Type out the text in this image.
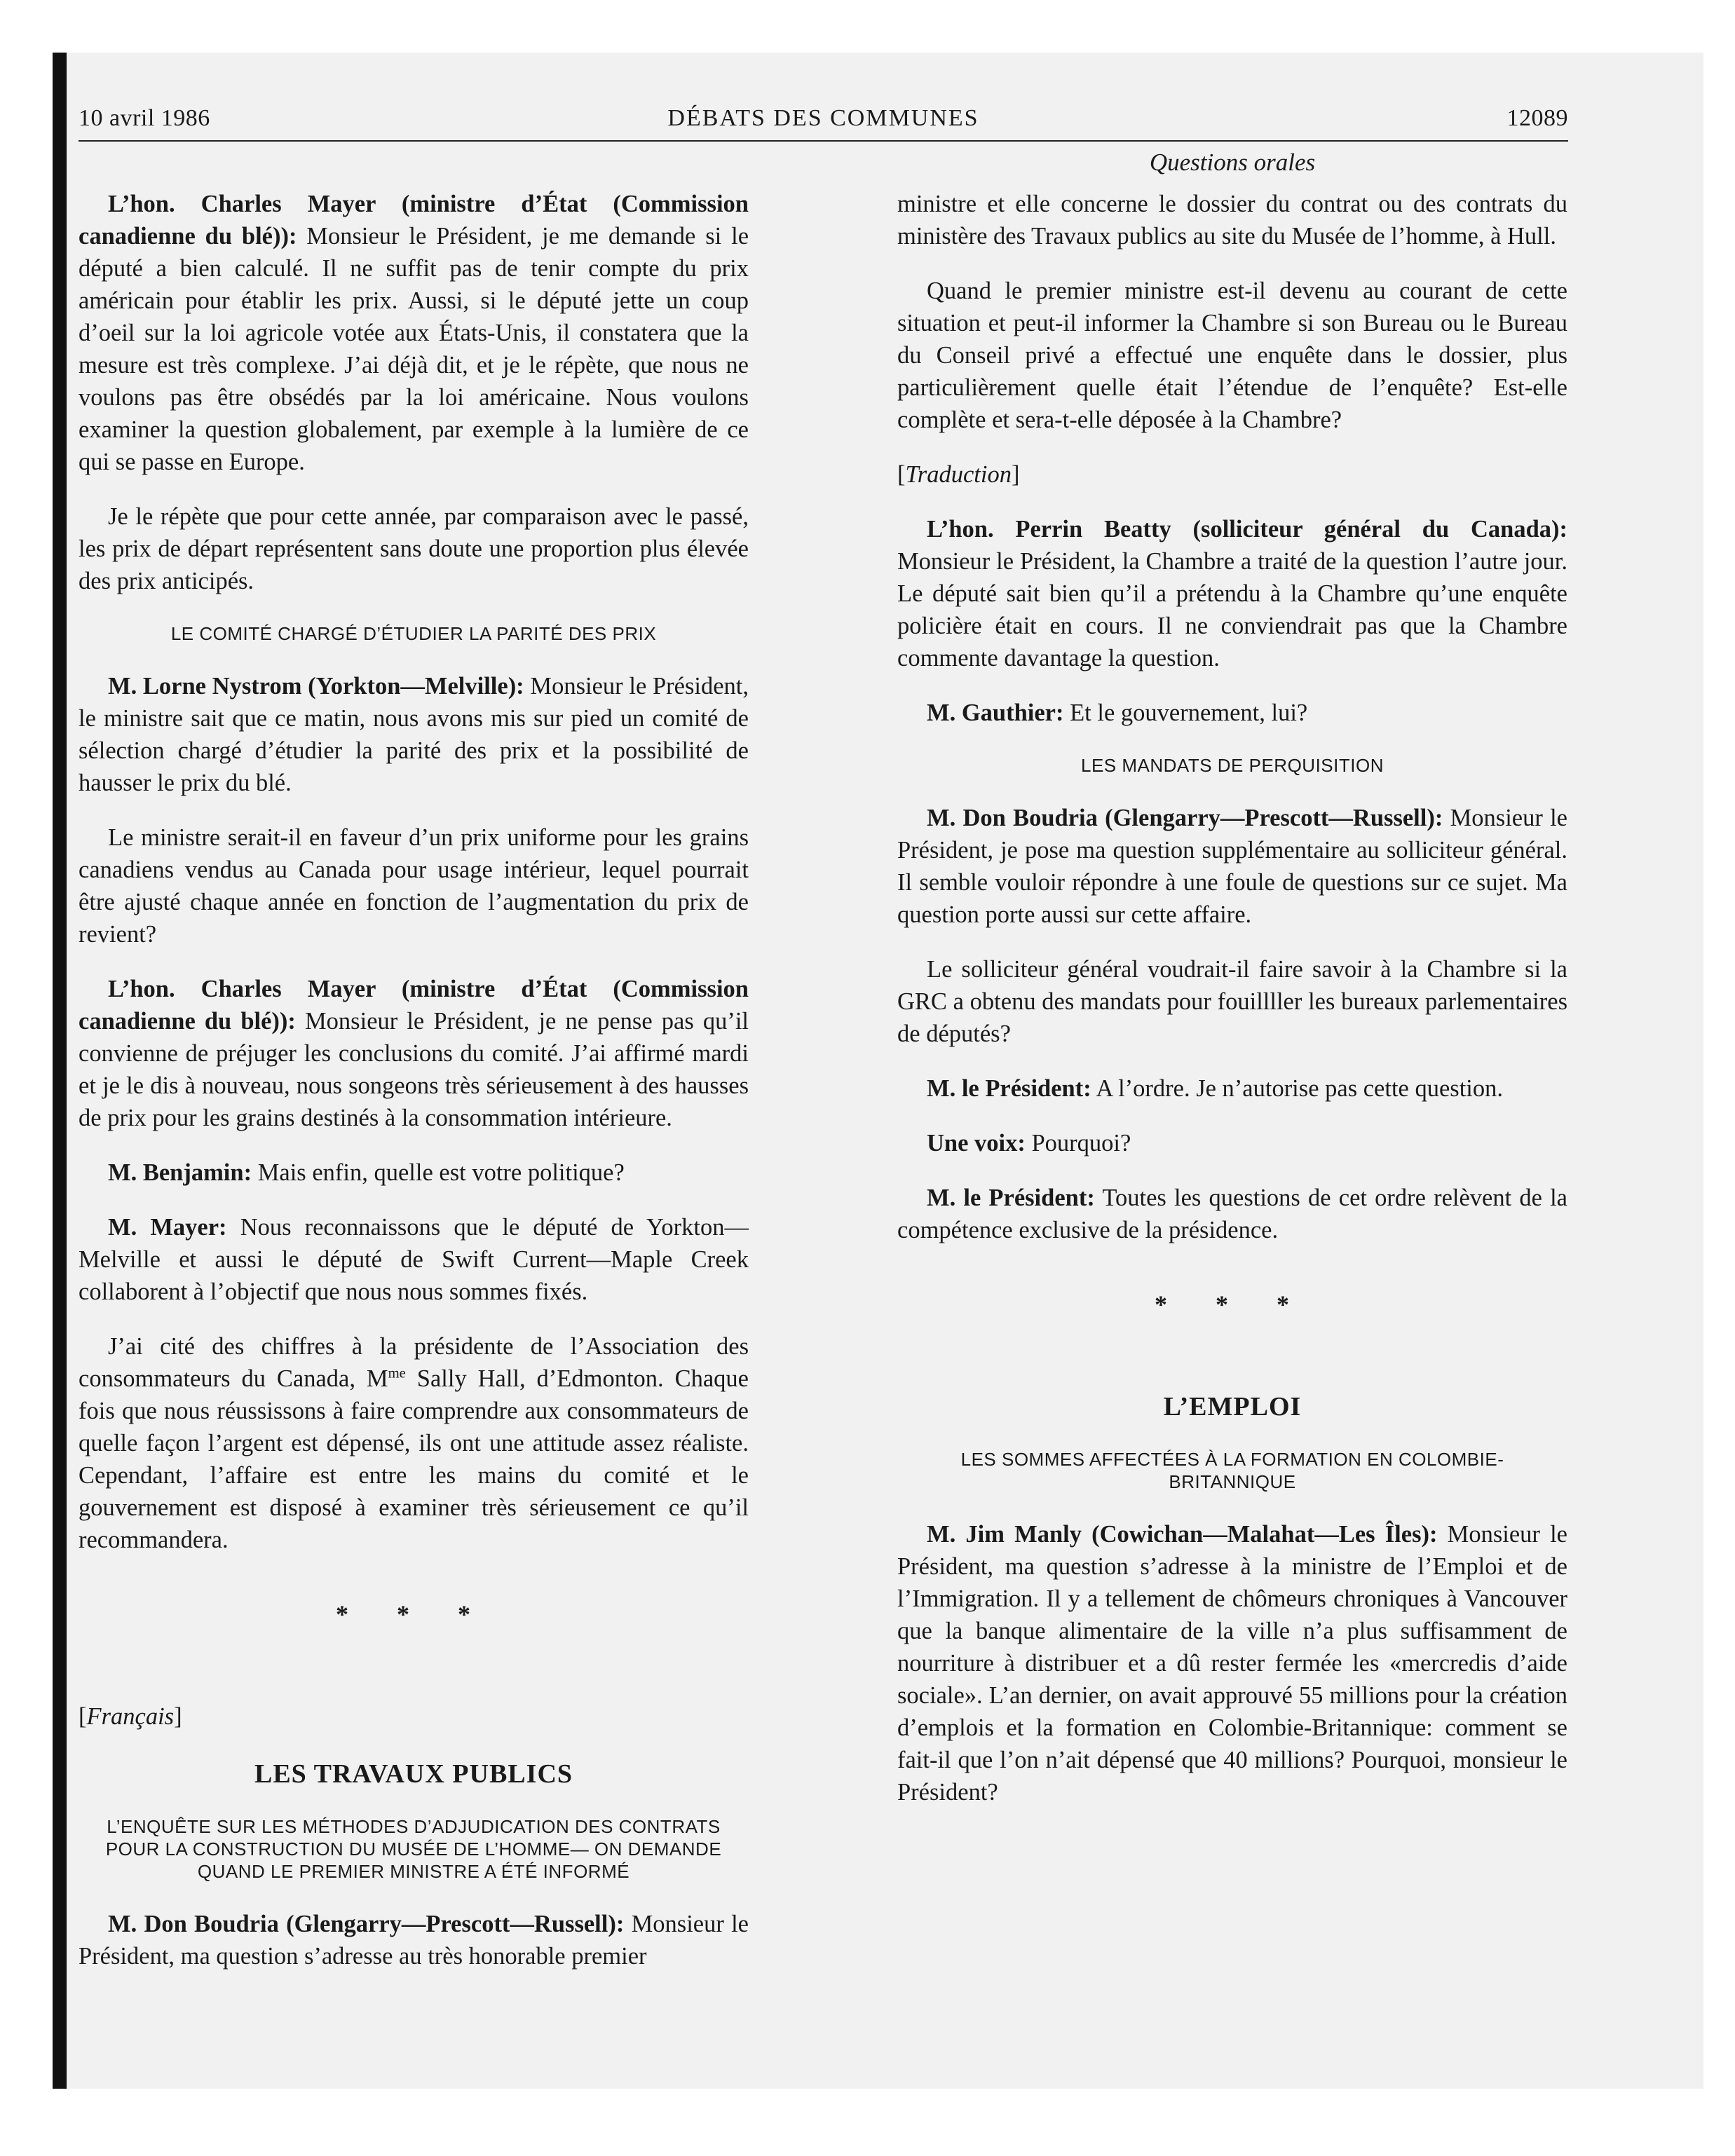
10 avril 1986	DÉBATS DES COMMUNES	12089
Questions orales

L’hon. Charles Mayer (ministre d’État (Commission canadienne du blé)): Monsieur le Président, je me demande si le député a bien calculé. Il ne suffit pas de tenir compte du prix américain pour établir les prix. Aussi, si le député jette un coup d’oeil sur la loi agricole votée aux États-Unis, il constatera que la mesure est très complexe. J’ai déjà dit, et je le répète, que nous ne voulons pas être obsédés par la loi américaine. Nous voulons examiner la question globalement, par exemple à la lumière de ce qui se passe en Europe.

Je le répète que pour cette année, par comparaison avec le passé, les prix de départ représentent sans doute une proportion plus élevée des prix anticipés.

LE COMITÉ CHARGÉ D’ÉTUDIER LA PARITÉ DES PRIX

M. Lorne Nystrom (Yorkton—Melville): Monsieur le Président, le ministre sait que ce matin, nous avons mis sur pied un comité de sélection chargé d’étudier la parité des prix et la possibilité de hausser le prix du blé.

Le ministre serait-il en faveur d’un prix uniforme pour les grains canadiens vendus au Canada pour usage intérieur, lequel pourrait être ajusté chaque année en fonction de l’augmentation du prix de revient?

L’hon. Charles Mayer (ministre d’État (Commission canadienne du blé)): Monsieur le Président, je ne pense pas qu’il convienne de préjuger les conclusions du comité. J’ai affirmé mardi et je le dis à nouveau, nous songeons très sérieusement à des hausses de prix pour les grains destinés à la consommation intérieure.

M. Benjamin: Mais enfin, quelle est votre politique?

M. Mayer: Nous reconnaissons que le député de Yorkton—Melville et aussi le député de Swift Current—Maple Creek collaborent à l’objectif que nous nous sommes fixés.

J’ai cité des chiffres à la présidente de l’Association des consommateurs du Canada, $M^{me}$ Sally Hall, d’Edmonton. Chaque fois que nous réussissons à faire comprendre aux consommateurs de quelle façon l’argent est dépensé, ils ont une attitude assez réaliste. Cependant, l’affaire est entre les mains du comité et le gouvernement est disposé à examiner très sérieusement ce qu’il recommandera.

* * *
[Français]
LES TRAVAUX PUBLICS
L’ENQUÊTE SUR LES MÉTHODES D’ADJUDICATION DES CONTRATS POUR LA CONSTRUCTION DU MUSÉE DE L’HOMME— ON DEMANDE QUAND LE PREMIER MINISTRE A ÉTÉ INFORMÉ

M. Don Boudria (Glengarry—Prescott—Russell): Monsieur le Président, ma question s’adresse au très honorable premier

ministre et elle concerne le dossier du contrat ou des contrats du ministère des Travaux publics au site du Musée de l’homme, à Hull.

Quand le premier ministre est-il devenu au courant de cette situation et peut-il informer la Chambre si son Bureau ou le Bureau du Conseil privé a effectué une enquête dans le dossier, plus particulièrement quelle était l’étendue de l’enquête? Est-elle complète et sera-t-elle déposée à la Chambre?

[Traduction]

L’hon. Perrin Beatty (solliciteur général du Canada): Monsieur le Président, la Chambre a traité de la question l’autre jour. Le député sait bien qu’il a prétendu à la Chambre qu’une enquête policière était en cours. Il ne conviendrait pas que la Chambre commente davantage la question.

M. Gauthier: Et le gouvernement, lui?

LES MANDATS DE PERQUISITION

M. Don Boudria (Glengarry—Prescott—Russell): Monsieur le Président, je pose ma question supplémentaire au solliciteur général. Il semble vouloir répondre à une foule de questions sur ce sujet. Ma question porte aussi sur cette affaire.

Le solliciteur général voudrait-il faire savoir à la Chambre si la GRC a obtenu des mandats pour fouillller les bureaux parlementaires de députés?

M. le Président: A l’ordre. Je n’autorise pas cette question.

Une voix: Pourquoi?

M. le Président: Toutes les questions de cet ordre relèvent de la compétence exclusive de la présidence.

* * *
L’EMPLOI
LES SOMMES AFFECTÉES À LA FORMATION EN COLOMBIE-BRITANNIQUE

M. Jim Manly (Cowichan—Malahat—Les Îles): Monsieur le Président, ma question s’adresse à la ministre de l’Emploi et de l’Immigration. Il y a tellement de chômeurs chroniques à Vancouver que la banque alimentaire de la ville n’a plus suffisamment de nourriture à distribuer et a dû rester fermée les «mercredis d’aide sociale». L’an dernier, on avait approuvé 55 millions pour la création d’emplois et la formation en Colombie-Britannique: comment se fait-il que l’on n’ait dépensé que 40 millions? Pourquoi, monsieur le Président?
